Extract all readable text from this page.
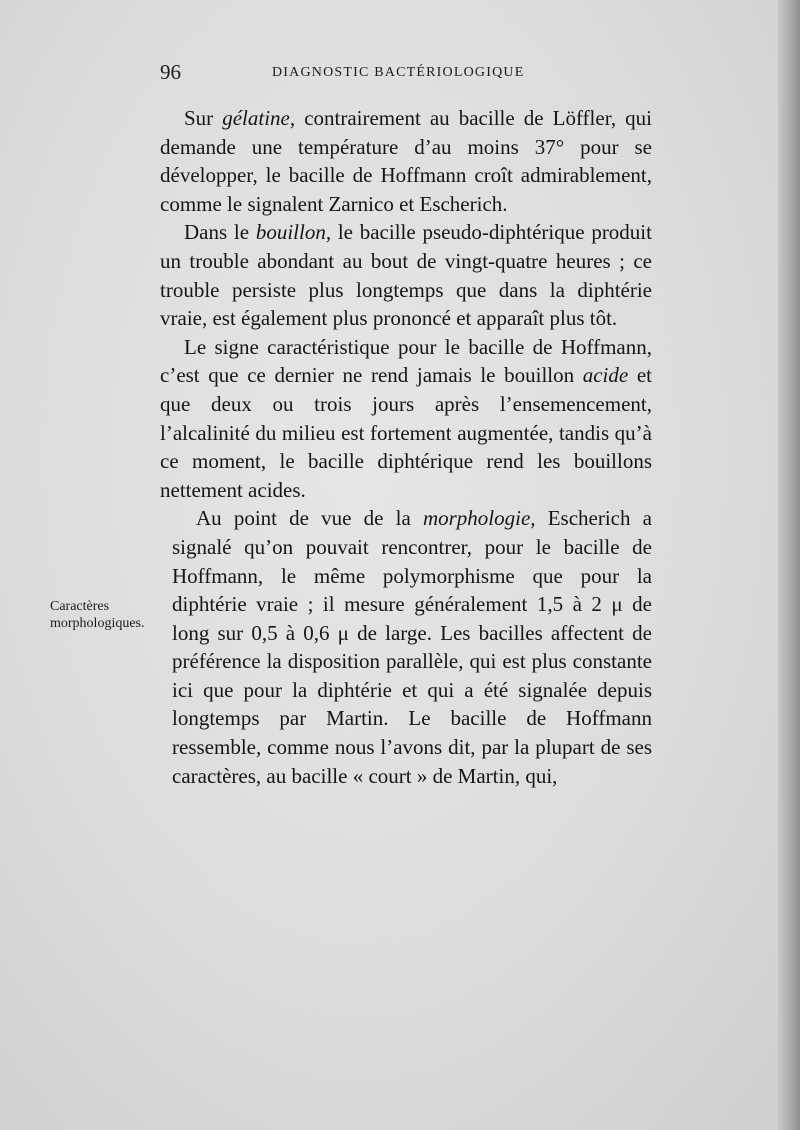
96	DIAGNOSTIC BACTÉRIOLOGIQUE

Sur gélatine, contrairement au bacille de Löffler, qui demande une température d’au moins 37° pour se développer, le bacille de Hoffmann croît admirablement, comme le signalent Zarnico et Escherich.

Dans le bouillon, le bacille pseudo-diphtérique produit un trouble abondant au bout de vingt-quatre heures ; ce trouble persiste plus longtemps que dans la diphtérie vraie, est également plus prononcé et apparaît plus tôt.

Le signe caractéristique pour le bacille de Hoffmann, c’est que ce dernier ne rend jamais le bouillon acide et que deux ou trois jours après l’ensemencement, l’alcalinité du milieu est fortement augmentée, tandis qu’à ce moment, le bacille diphtérique rend les bouillons nettement acides.

Au point de vue de la morphologie, Escherich a signalé qu’on pouvait rencontrer, pour le bacille de Hoffmann, le même polymorphisme que pour la diphtérie vraie ; il mesure généralement 1,5 à 2 μ de long sur 0,5 à 0,6 μ de large. Les bacilles affectent de préférence la disposition parallèle, qui est plus constante ici que pour la diphtérie et qui a été signalée depuis longtemps par Martin. Le bacille de Hoffmann ressemble, comme nous l’avons dit, par la plupart de ses caractères, au bacille « court » de Martin, qui,

Caractères morphologiques.
